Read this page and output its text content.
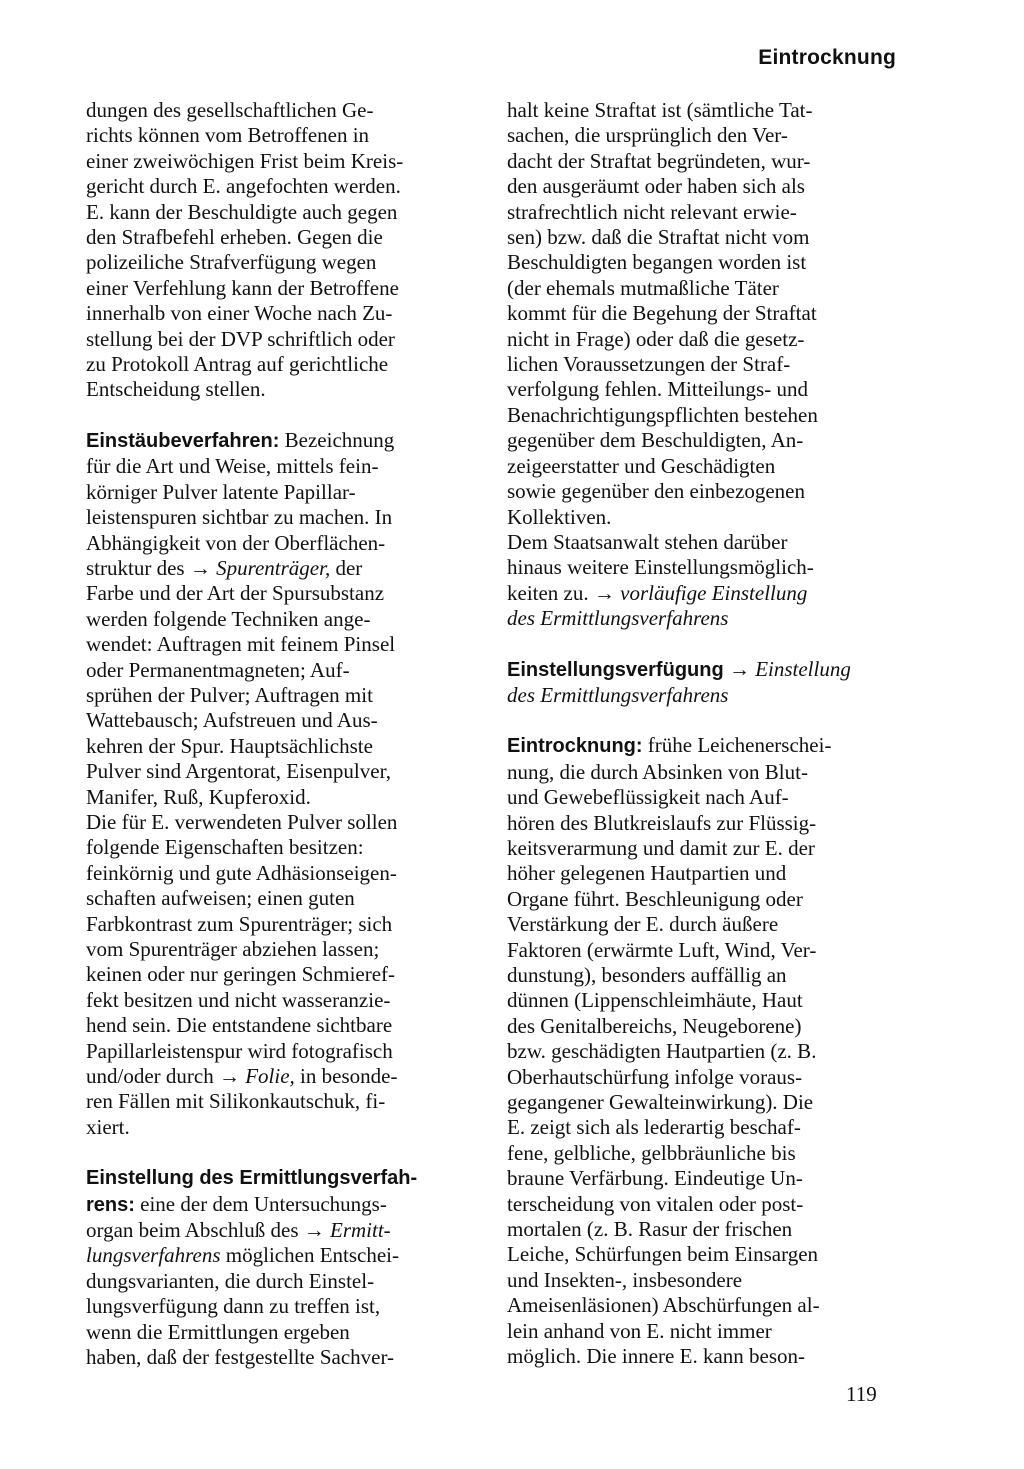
Eintrocknung

dungen des gesellschaftlichen Ge-
richts können vom Betroffenen in
einer zweiwöchigen Frist beim Kreis-
gericht durch E. angefochten werden.
E. kann der Beschuldigte auch gegen
den Strafbefehl erheben. Gegen die
polizeiliche Strafverfügung wegen
einer Verfehlung kann der Betroffene
innerhalb von einer Woche nach Zu-
stellung bei der DVP schriftlich oder
zu Protokoll Antrag auf gerichtliche
Entscheidung stellen.

Einstäubeverfahren: Bezeichnung
für die Art und Weise, mittels fein-
körniger Pulver latente Papillar-
leistenspuren sichtbar zu machen. In
Abhängigkeit von der Oberflächen-
struktur des → Spurenträger, der
Farbe und der Art der Spursubstanz
werden folgende Techniken ange-
wendet: Auftragen mit feinem Pinsel
oder Permanentmagneten; Auf-
sprühen der Pulver; Auftragen mit
Wattebausch; Aufstreuen und Aus-
kehren der Spur. Hauptsächlichste
Pulver sind Argentorat, Eisenpulver,
Manifer, Ruß, Kupferoxid.
Die für E. verwendeten Pulver sollen
folgende Eigenschaften besitzen:
feinkörnig und gute Adhäsionseigen-
schaften aufweisen; einen guten
Farbkontrast zum Spurenträger; sich
vom Spurenträger abziehen lassen;
keinen oder nur geringen Schmieref-
fekt besitzen und nicht wasseranzie-
hend sein. Die entstandene sichtbare
Papillarleistenspur wird fotografisch
und/oder durch → Folie, in besonde-
ren Fällen mit Silikonkautschuk, fi-
xiert.

Einstellung des Ermittlungsverfah-
rens: eine der dem Untersuchungs-
organ beim Abschluß des → Ermitt-
lungsverfahrens möglichen Entschei-
dungsvarianten, die durch Einstel-
lungsverfügung dann zu treffen ist,
wenn die Ermittlungen ergeben
haben, daß der festgestellte Sachver-

halt keine Straftat ist (sämtliche Tat-
sachen, die ursprünglich den Ver-
dacht der Straftat begründeten, wur-
den ausgeräumt oder haben sich als
strafrechtlich nicht relevant erwie-
sen) bzw. daß die Straftat nicht vom
Beschuldigten begangen worden ist
(der ehemals mutmaßliche Täter
kommt für die Begehung der Straftat
nicht in Frage) oder daß die gesetz-
lichen Voraussetzungen der Straf-
verfolgung fehlen. Mitteilungs- und
Benachrichtigungspflichten bestehen
gegenüber dem Beschuldigten, An-
zeigeerstatter und Geschädigten
sowie gegenüber den einbezogenen
Kollektiven.
Dem Staatsanwalt stehen darüber
hinaus weitere Einstellungsmöglich-
keiten zu. → vorläufige Einstellung
des Ermittlungsverfahrens

Einstellungsverfügung → Einstellung
des Ermittlungsverfahrens

Eintrocknung: frühe Leichenerschei-
nung, die durch Absinken von Blut-
und Gewebeflüssigkeit nach Auf-
hören des Blutkreislaufs zur Flüssig-
keitsverarmung und damit zur E. der
höher gelegenen Hautpartien und
Organe führt. Beschleunigung oder
Verstärkung der E. durch äußere
Faktoren (erwärmte Luft, Wind, Ver-
dunstung), besonders auffällig an
dünnen (Lippenschleimhäute, Haut
des Genitalbereichs, Neugeborene)
bzw. geschädigten Hautpartien (z. B.
Oberhautschürfung infolge voraus-
gegangener Gewalteinwirkung). Die
E. zeigt sich als lederartig beschaf-
fene, gelbliche, gelbbräunliche bis
braune Verfärbung. Eindeutige Un-
terscheidung von vitalen oder post-
mortalen (z. B. Rasur der frischen
Leiche, Schürfungen beim Einsargen
und Insekten-, insbesondere
Ameisenläsionen) Abschürfungen al-
lein anhand von E. nicht immer
möglich. Die innere E. kann beson-

119
